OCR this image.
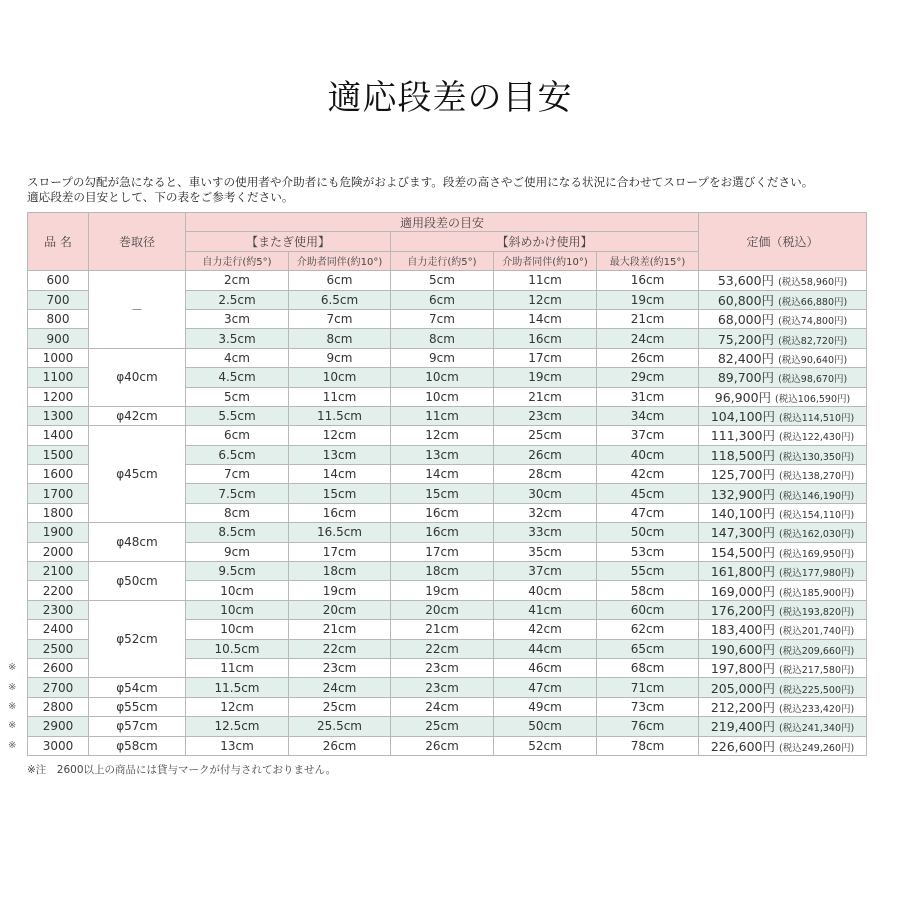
適応段差の目安
スロープの勾配が急になると、車いすの使用者や介助者にも危険がおよびます。段差の高さやご使用になる状況に合わせてスロープをお選びください。
適応段差の目安として、下の表をご参考ください。
品 名	巻取径	適用段差の目安					定価（税込）
		【またぎ使用】		【斜めかけ使用】			
		自力走行(約5°)	介助者同伴(約10°)	自力走行(約5°)	介助者同伴(約10°)	最大段差(約15°)	
600	－	2cm	6cm	5cm	11cm	16cm	53,600円 (税込58,960円)
700		2.5cm	6.5cm	6cm	12cm	19cm	60,800円 (税込66,880円)
800		3cm	7cm	7cm	14cm	21cm	68,000円 (税込74,800円)
900		3.5cm	8cm	8cm	16cm	24cm	75,200円 (税込82,720円)
1000	φ40cm	4cm	9cm	9cm	17cm	26cm	82,400円 (税込90,640円)
1100		4.5cm	10cm	10cm	19cm	29cm	89,700円 (税込98,670円)
1200		5cm	11cm	10cm	21cm	31cm	96,900円 (税込106,590円)
1300	φ42cm	5.5cm	11.5cm	11cm	23cm	34cm	104,100円 (税込114,510円)
1400	φ45cm	6cm	12cm	12cm	25cm	37cm	111,300円 (税込122,430円)
1500		6.5cm	13cm	13cm	26cm	40cm	118,500円 (税込130,350円)
1600		7cm	14cm	14cm	28cm	42cm	125,700円 (税込138,270円)
1700		7.5cm	15cm	15cm	30cm	45cm	132,900円 (税込146,190円)
1800		8cm	16cm	16cm	32cm	47cm	140,100円 (税込154,110円)
1900	φ48cm	8.5cm	16.5cm	16cm	33cm	50cm	147,300円 (税込162,030円)
2000		9cm	17cm	17cm	35cm	53cm	154,500円 (税込169,950円)
2100	φ50cm	9.5cm	18cm	18cm	37cm	55cm	161,800円 (税込177,980円)
2200		10cm	19cm	19cm	40cm	58cm	169,000円 (税込185,900円)
2300	φ52cm	10cm	20cm	20cm	41cm	60cm	176,200円 (税込193,820円)
2400		10cm	21cm	21cm	42cm	62cm	183,400円 (税込201,740円)
2500		10.5cm	22cm	22cm	44cm	65cm	190,600円 (税込209,660円)
2600		11cm	23cm	23cm	46cm	68cm	197,800円 (税込217,580円)
2700	φ54cm	11.5cm	24cm	23cm	47cm	71cm	205,000円 (税込225,500円)
2800	φ55cm	12cm	25cm	24cm	49cm	73cm	212,200円 (税込233,420円)
2900	φ57cm	12.5cm	25.5cm	25cm	50cm	76cm	219,400円 (税込241,340円)
3000	φ58cm	13cm	26cm	26cm	52cm	78cm	226,600円 (税込249,260円)
※
※
※
※
※
※注　2600以上の商品には貸与マークが付与されておりません。
